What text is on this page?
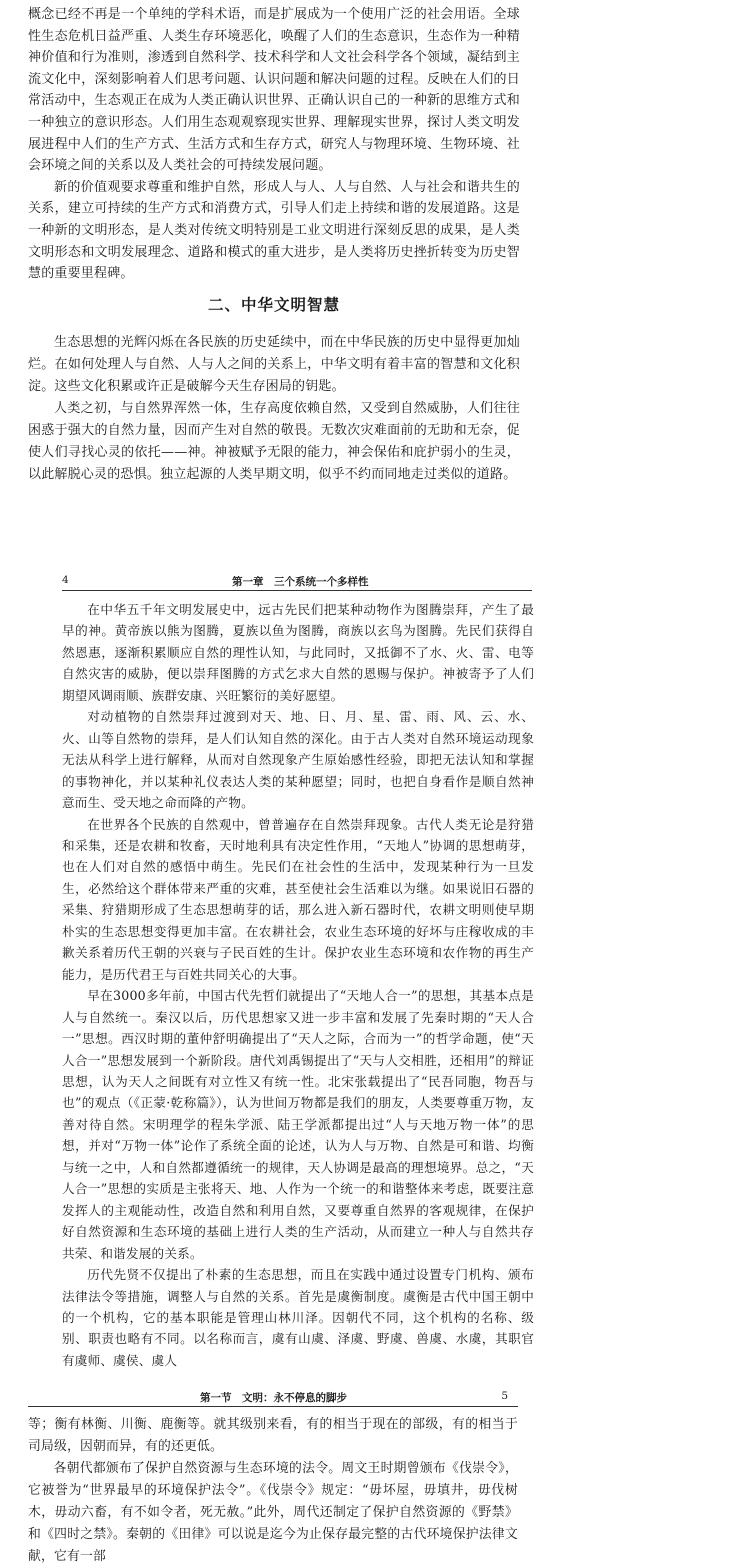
概念已经不再是一个单纯的学科术语，而是扩展成为一个使用广泛的社会用语。全球性生态危机日益严重、人类生存环境恶化，唤醒了人们的生态意识，生态作为一种精神价值和行为准则，渗透到自然科学、技术科学和人文社会科学各个领域，凝结到主流文化中，深刻影响着人们思考问题、认识问题和解决问题的过程。反映在人们的日常活动中，生态观正在成为人类正确认识世界、正确认识自己的一种新的思维方式和一种独立的意识形态。人们用生态观观察现实世界、理解现实世界，探讨人类文明发展进程中人们的生产方式、生活方式和生存方式，研究人与物理环境、生物环境、社会环境之间的关系以及人类社会的可持续发展问题。

新的价值观要求尊重和维护自然，形成人与人、人与自然、人与社会和谐共生的关系，建立可持续的生产方式和消费方式，引导人们走上持续和谐的发展道路。这是一种新的文明形态，是人类对传统文明特别是工业文明进行深刻反思的成果，是人类文明形态和文明发展理念、道路和模式的重大进步，是人类将历史挫折转变为历史智慧的重要里程碑。

二、中华文明智慧

生态思想的光辉闪烁在各民族的历史延续中，而在中华民族的历史中显得更加灿烂。在如何处理人与自然、人与人之间的关系上，中华文明有着丰富的智慧和文化积淀。这些文化积累或许正是破解今天生存困局的钥匙。

人类之初，与自然界浑然一体，生存高度依赖自然，又受到自然威胁，人们往往困惑于强大的自然力量，因而产生对自然的敬畏。无数次灾难面前的无助和无奈，促使人们寻找心灵的依托——神。神被赋予无限的能力，神会保佑和庇护弱小的生灵，以此解脱心灵的恐惧。独立起源的人类早期文明，似乎不约而同地走过类似的道路。

4	第一章　三个系统一个多样性

在中华五千年文明发展史中，远古先民们把某种动物作为图腾崇拜，产生了最早的神。黄帝族以熊为图腾，夏族以鱼为图腾，商族以玄鸟为图腾。先民们获得自然恩惠，逐渐积累顺应自然的理性认知，与此同时，又抵御不了水、火、雷、电等自然灾害的威胁，便以崇拜图腾的方式乞求大自然的恩赐与保护。神被寄予了人们期望风调雨顺、族群安康、兴旺繁衍的美好愿望。

对动植物的自然崇拜过渡到对天、地、日、月、星、雷、雨、风、云、水、火、山等自然物的崇拜，是人们认知自然的深化。由于古人类对自然环境运动现象无法从科学上进行解释，从而对自然现象产生原始感性经验，即把无法认知和掌握的事物神化，并以某种礼仪表达人类的某种愿望；同时，也把自身看作是顺自然神意而生、受天地之命而降的产物。

在世界各个民族的自然观中，曾普遍存在自然崇拜现象。古代人类无论是狩猎和采集，还是农耕和牧畜，天时地利具有决定性作用，“天地人”协调的思想萌芽，也在人们对自然的感悟中萌生。先民们在社会性的生活中，发现某种行为一旦发生，必然给这个群体带来严重的灾难，甚至使社会生活难以为继。如果说旧石器的采集、狩猎期形成了生态思想萌芽的话，那么进入新石器时代，农耕文明则使早期朴实的生态思想变得更加丰富。在农耕社会，农业生态环境的好坏与庄稼收成的丰歉关系着历代王朝的兴衰与子民百姓的生计。保护农业生态环境和农作物的再生产能力，是历代君王与百姓共同关心的大事。

早在3000多年前，中国古代先哲们就提出了“天地人合一”的思想，其基本点是人与自然统一。秦汉以后，历代思想家又进一步丰富和发展了先秦时期的“天人合一”思想。西汉时期的董仲舒明确提出了“天人之际，合而为一”的哲学命题，使“天人合一”思想发展到一个新阶段。唐代刘禹锡提出了“天与人交相胜，还相用”的辩证思想，认为天人之间既有对立性又有统一性。北宋张载提出了“民吾同胞，物吾与也”的观点（《正蒙·乾称篇》），认为世间万物都是我们的朋友，人类要尊重万物，友善对待自然。宋明理学的程朱学派、陆王学派都提出过“人与天地万物一体”的思想，并对“万物一体”论作了系统全面的论述，认为人与万物、自然是可和谐、均衡与统一之中，人和自然都遵循统一的规律，天人协调是最高的理想境界。总之，“天人合一”思想的实质是主张将天、地、人作为一个统一的和谐整体来考虑，既要注意发挥人的主观能动性，改造自然和利用自然，又要尊重自然界的客观规律，在保护好自然资源和生态环境的基础上进行人类的生产活动，从而建立一种人与自然共存共荣、和谐发展的关系。

历代先贤不仅提出了朴素的生态思想，而且在实践中通过设置专门机构、颁布法律法令等措施，调整人与自然的关系。首先是虞衡制度。虞衡是古代中国王朝中的一个机构，它的基本职能是管理山林川泽。因朝代不同，这个机构的名称、级别、职责也略有不同。以名称而言，虞有山虞、泽虞、野虞、兽虞、水虞，其职官有虞师、虞侯、虞人

第一节　文明：永不停息的脚步	5

等；衡有林衡、川衡、鹿衡等。就其级别来看，有的相当于现在的部级，有的相当于司局级，因朝而异，有的还更低。

各朝代都颁布了保护自然资源与生态环境的法令。周文王时期曾颁布《伐崇令》，它被誉为“世界最早的环境保护法令”。《伐崇令》规定：“毋坏屋，毋填井，毋伐树木，毋动六畜，有不如令者，死无赦。”此外，周代还制定了保护自然资源的《野禁》和《四时之禁》。秦朝的《田律》可以说是迄今为止保存最完整的古代环境保护法律文献，它有一部
